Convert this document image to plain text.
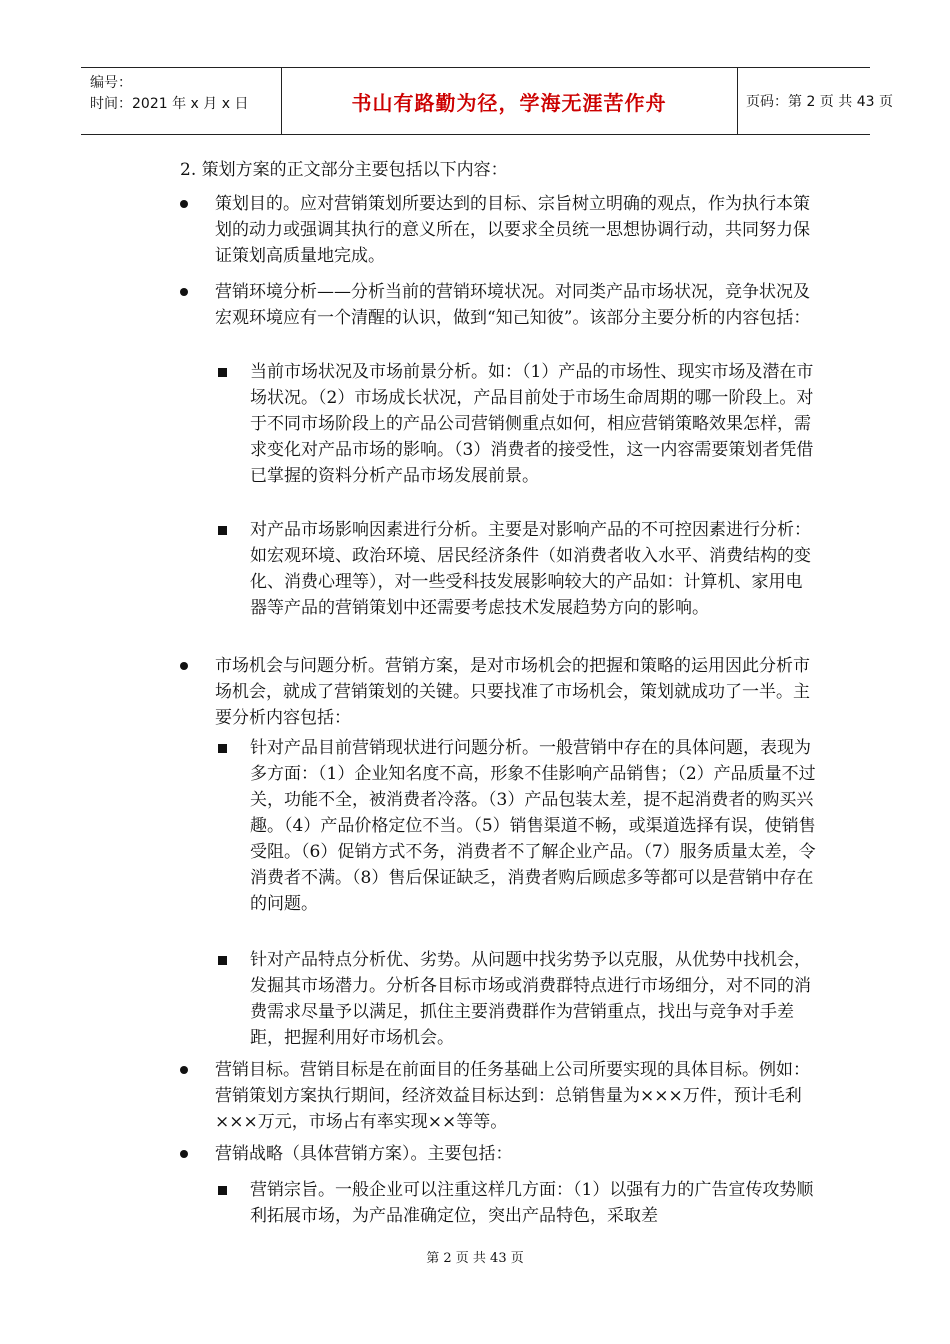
编号：
时间：2021 年 x 月 x 日	书山有路勤为径，学海无涯苦作舟	页码：第 2 页 共 43 页
2. 策划方案的正文部分主要包括以下内容：
策划目的。应对营销策划所要达到的目标、宗旨树立明确的观点，作为执行本策划的动力或强调其执行的意义所在，以要求全员统一思想协调行动，共同努力保证策划高质量地完成。
营销环境分析——分析当前的营销环境状况。对同类产品市场状况，竞争状况及宏观环境应有一个清醒的认识，做到“知己知彼”。该部分主要分析的内容包括：
当前市场状况及市场前景分析。如：（1）产品的市场性、现实市场及潜在市场状况。（2）市场成长状况，产品目前处于市场生命周期的哪一阶段上。对于不同市场阶段上的产品公司营销侧重点如何，相应营销策略效果怎样，需求变化对产品市场的影响。（3）消费者的接受性，这一内容需要策划者凭借已掌握的资料分析产品市场发展前景。
对产品市场影响因素进行分析。主要是对影响产品的不可控因素进行分析：如宏观环境、政治环境、居民经济条件（如消费者收入水平、消费结构的变化、消费心理等），对一些受科技发展影响较大的产品如：计算机、家用电器等产品的营销策划中还需要考虑技术发展趋势方向的影响。
市场机会与问题分析。营销方案，是对市场机会的把握和策略的运用因此分析市场机会，就成了营销策划的关键。只要找准了市场机会，策划就成功了一半。主要分析内容包括：
针对产品目前营销现状进行问题分析。一般营销中存在的具体问题，表现为多方面：（1）企业知名度不高，形象不佳影响产品销售；（2）产品质量不过关，功能不全，被消费者冷落。（3）产品包装太差，提不起消费者的购买兴趣。（4）产品价格定位不当。（5）销售渠道不畅，或渠道选择有误，使销售受阻。（6）促销方式不务，消费者不了解企业产品。（7）服务质量太差，令消费者不满。（8）售后保证缺乏，消费者购后顾虑多等都可以是营销中存在的问题。
针对产品特点分析优、劣势。从问题中找劣势予以克服，从优势中找机会，发掘其市场潜力。分析各目标市场或消费群特点进行市场细分，对不同的消费需求尽量予以满足，抓住主要消费群作为营销重点，找出与竞争对手差距，把握利用好市场机会。
营销目标。营销目标是在前面目的任务基础上公司所要实现的具体目标。例如：营销策划方案执行期间，经济效益目标达到：总销售量为×××万件，预计毛利×××万元，市场占有率实现××等等。
营销战略（具体营销方案）。主要包括：
营销宗旨。一般企业可以注重这样几方面：（1）以强有力的广告宣传攻势顺利拓展市场，为产品准确定位，突出产品特色，采取差
第 2 页 共 43 页
